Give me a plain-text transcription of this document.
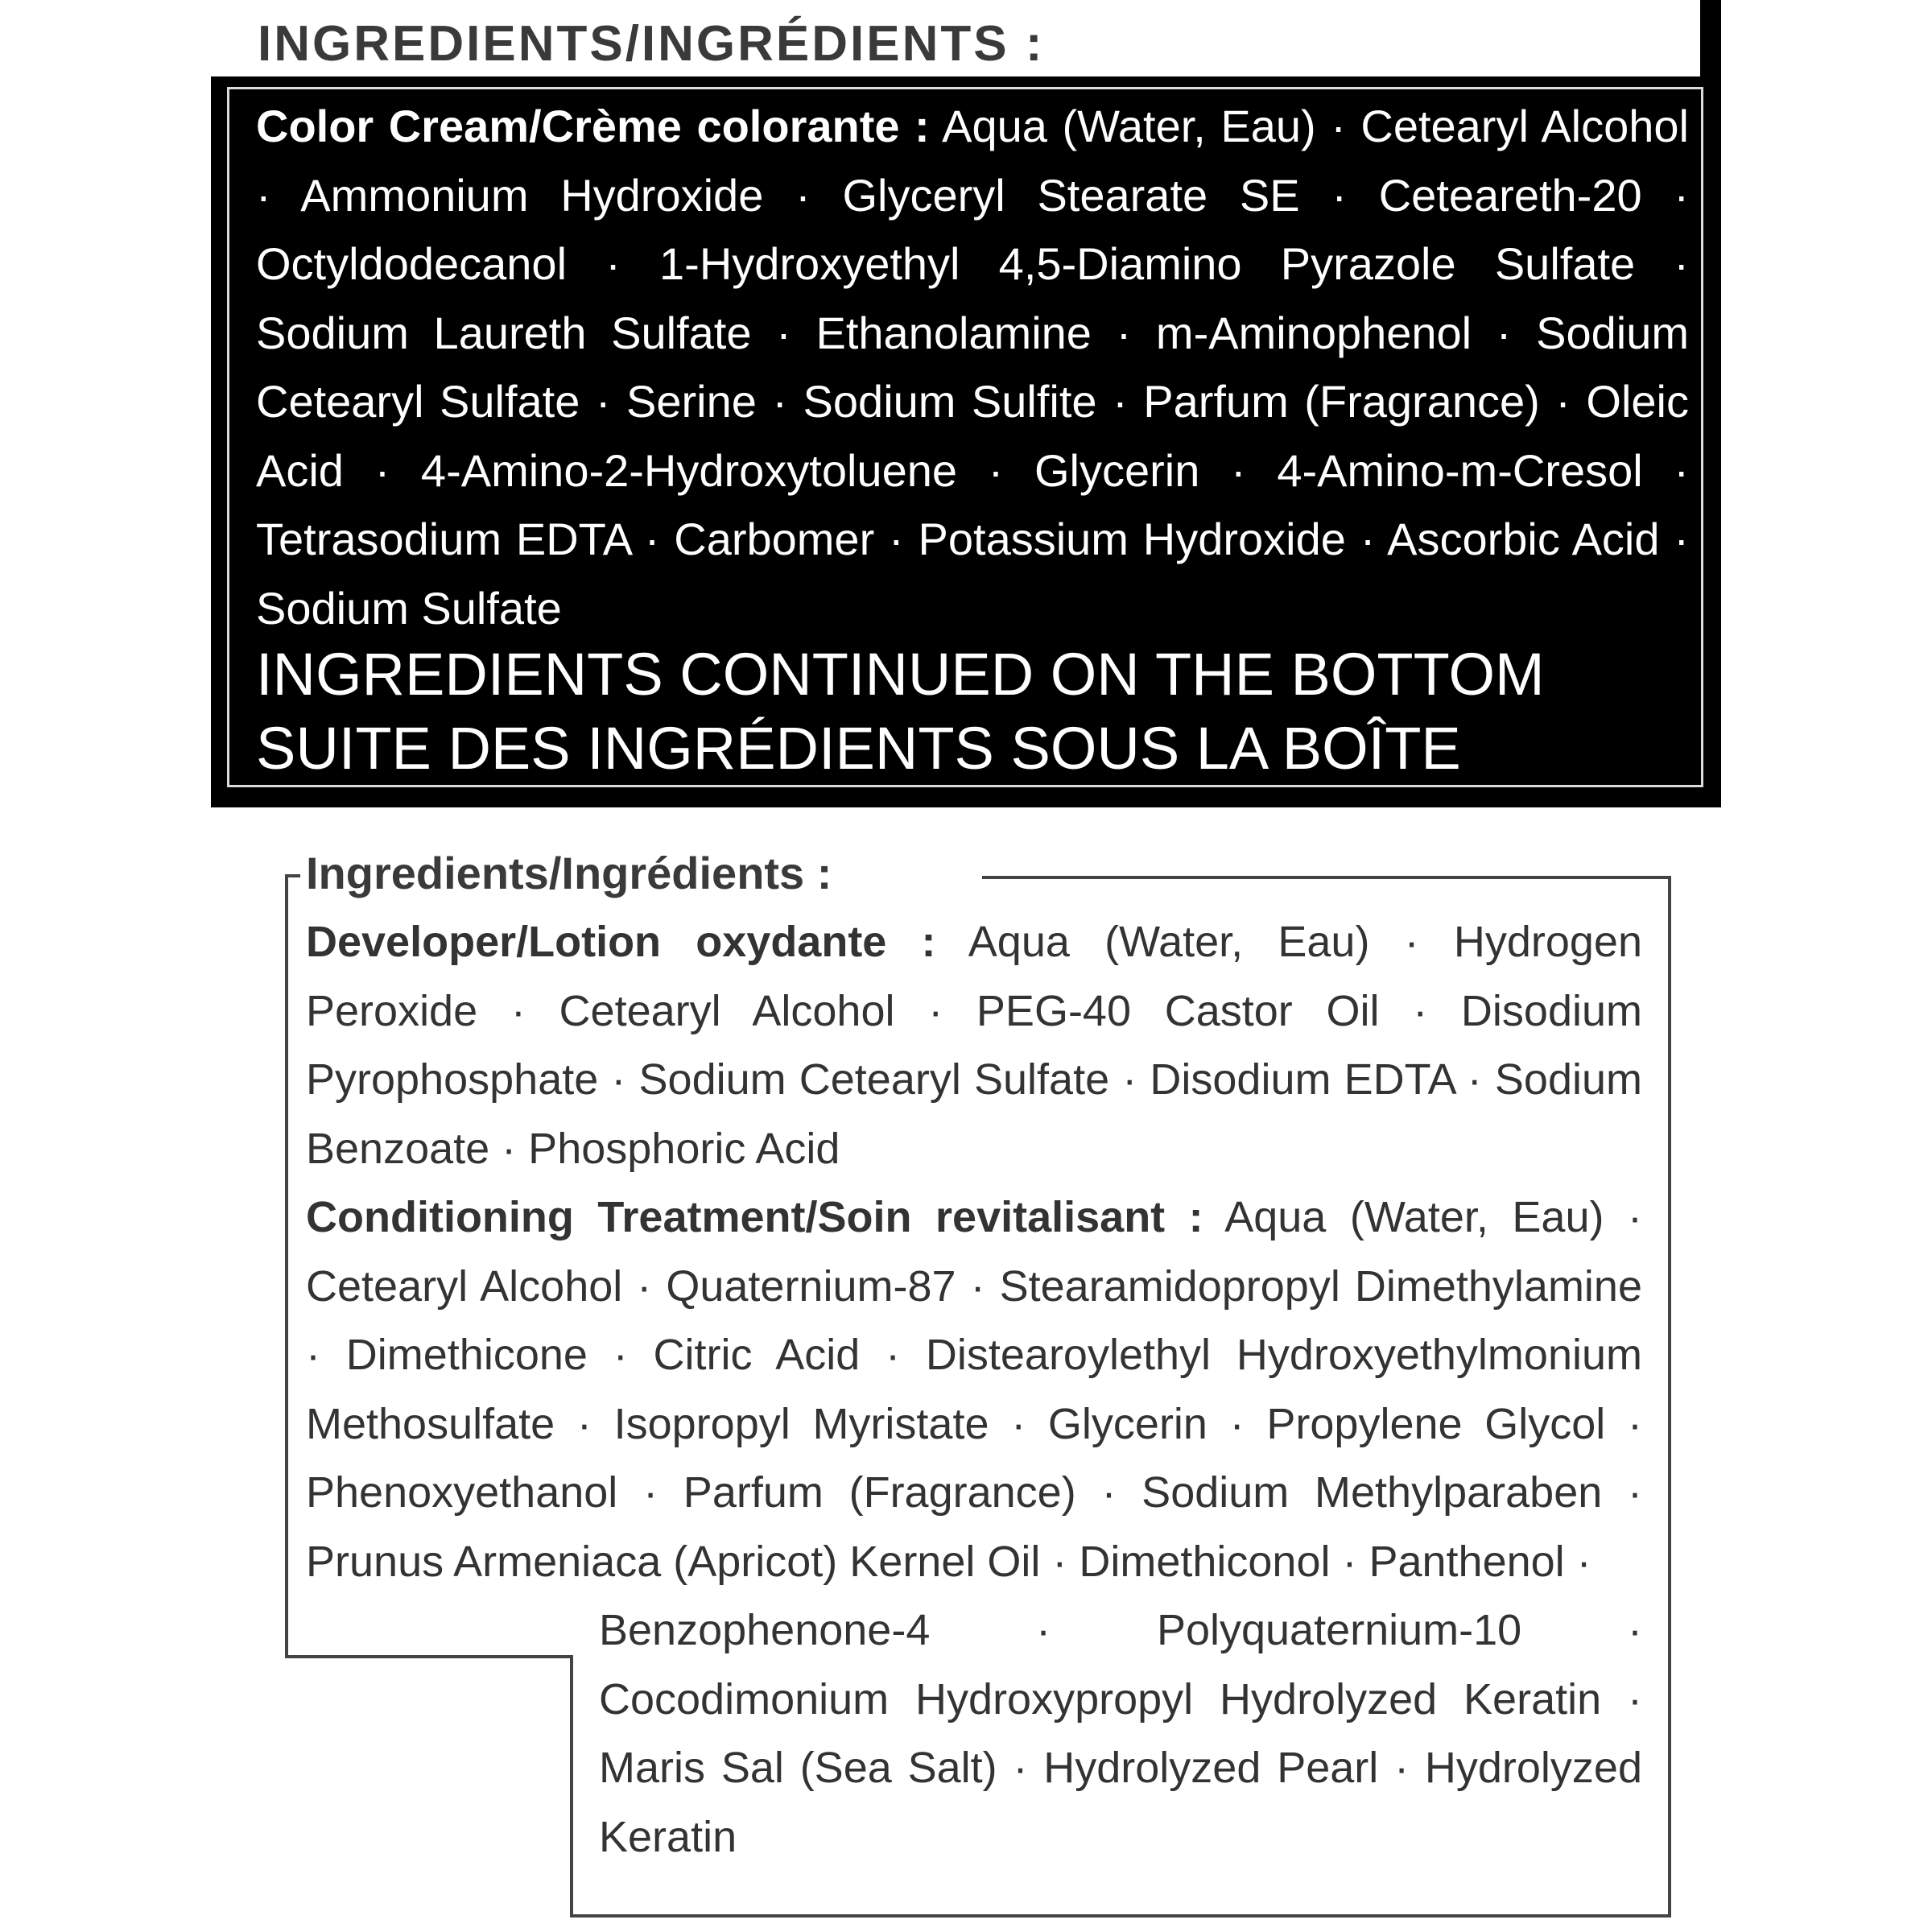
INGREDIENTS/INGRÉDIENTS :

Color Cream/Crème colorante : Aqua (Water, Eau) · Cetearyl Alcohol · Ammonium Hydroxide · Glyceryl Stearate SE · Ceteareth-20 · Octyldodecanol · 1-Hydroxyethyl 4,5-Diamino Pyrazole Sulfate · Sodium Laureth Sulfate · Ethanolamine · m-Aminophenol · Sodium Cetearyl Sulfate · Serine · Sodium Sulfite · Parfum (Fragrance) · Oleic Acid · 4-Amino-2-Hydroxytoluene · Glycerin · 4-Amino-m-Cresol · Tetrasodium EDTA · Carbomer · Potassium Hydroxide · Ascorbic Acid · Sodium Sulfate

INGREDIENTS CONTINUED ON THE BOTTOM
SUITE DES INGRÉDIENTS SOUS LA BOÎTE
Ingredients/Ingrédients :

Developer/Lotion oxydante : Aqua (Water, Eau) · Hydrogen Peroxide · Cetearyl Alcohol · PEG-40 Castor Oil · Disodium Pyrophosphate · Sodium Cetearyl Sulfate · Disodium EDTA · Sodium Benzoate · Phosphoric Acid

Conditioning Treatment/Soin revitalisant : Aqua (Water, Eau) · Cetearyl Alcohol · Quaternium-87 · Stearamidopropyl Dimethylamine · Dimethicone · Citric Acid · Distearoylethyl Hydroxyethylmonium Methosulfate · Isopropyl Myristate · Glycerin · Propylene Glycol · Phenoxyethanol · Parfum (Fragrance) · Sodium Methylparaben · Prunus Armeniaca (Apricot) Kernel Oil · Dimethiconol · Panthenol ·

Benzophenone-4 · Polyquaternium-10 · Cocodimonium Hydroxypropyl Hydrolyzed Keratin · Maris Sal (Sea Salt) · Hydrolyzed Pearl · Hydrolyzed Keratin
